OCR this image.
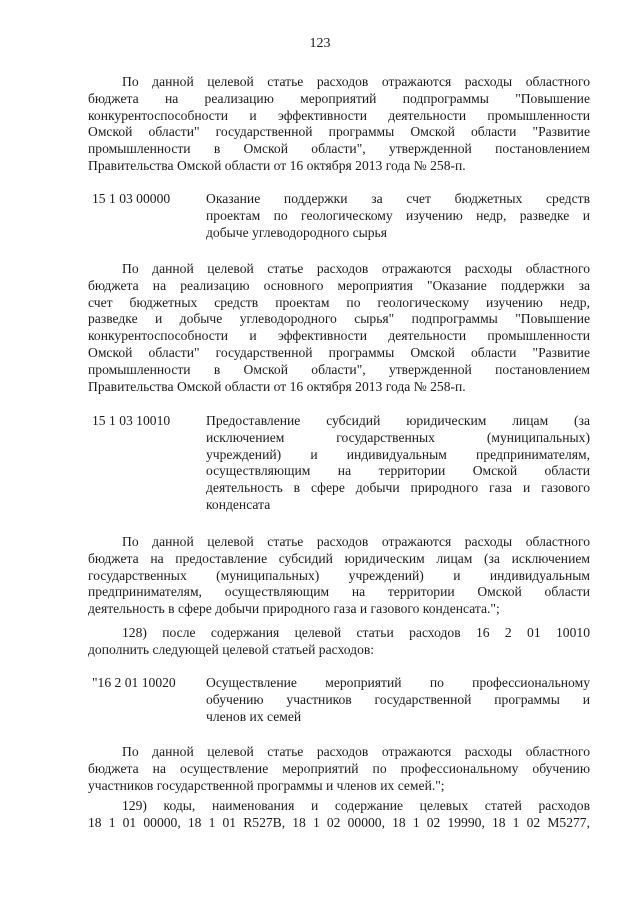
123
По данной целевой статье расходов отражаются расходы областного
бюджета на реализацию мероприятий подпрограммы "Повышение
конкурентоспособности и эффективности деятельности промышленности
Омской области" государственной программы Омской области "Развитие
промышленности в Омской области", утвержденной постановлением
Правительства Омской области от 16 октября 2013 года № 258-п.
15 1 03 00000	Оказание поддержки за счет бюджетных средств
проектам по геологическому изучению недр, разведке и
добыче углеводородного сырья
По данной целевой статье расходов отражаются расходы областного
бюджета на реализацию основного мероприятия "Оказание поддержки за
счет бюджетных средств проектам по геологическому изучению недр,
разведке и добыче углеводородного сырья" подпрограммы "Повышение
конкурентоспособности и эффективности деятельности промышленности
Омской области" государственной программы Омской области "Развитие
промышленности в Омской области", утвержденной постановлением
Правительства Омской области от 16 октября 2013 года № 258-п.
15 1 03 10010	Предоставление субсидий юридическим лицам (за
исключением государственных (муниципальных)
учреждений) и индивидуальным предпринимателям,
осуществляющим на территории Омской области
деятельность в сфере добычи природного газа и газового
конденсата
По данной целевой статье расходов отражаются расходы областного
бюджета на предоставление субсидий юридическим лицам (за исключением
государственных (муниципальных) учреждений) и индивидуальным
предпринимателям, осуществляющим на территории Омской области
деятельность в сфере добычи природного газа и газового конденсата.";
128) после содержания целевой статьи расходов 16 2 01 10010
дополнить следующей целевой статьей расходов:
"16 2 01 10020 Осуществление мероприятий по профессиональному
обучению участников государственной программы и
членов их семей
По данной целевой статье расходов отражаются расходы областного
бюджета на осуществление мероприятий по профессиональному обучению
участников государственной программы и членов их семей.";
129) коды, наименования и содержание целевых статей расходов
18 1 01 00000, 18 1 01 R527B, 18 1 02 00000, 18 1 02 19990, 18 1 02 M5277,
